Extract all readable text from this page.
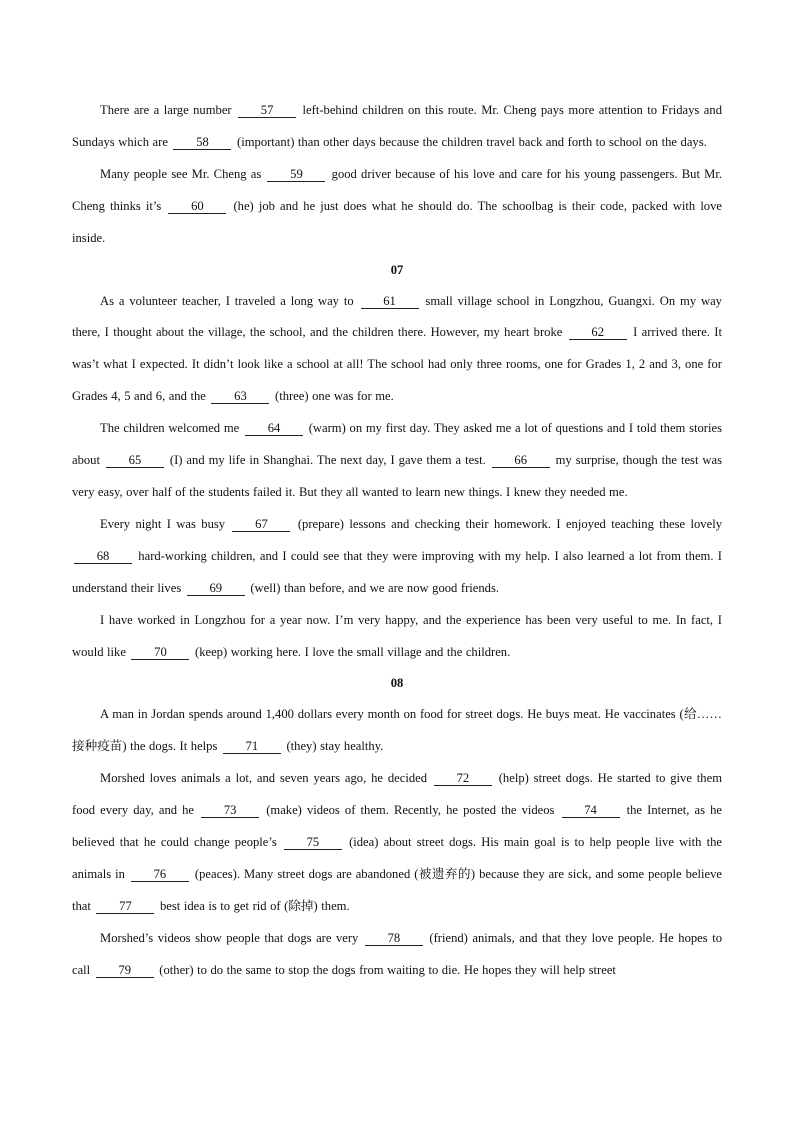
There are a large number 57 left-behind children on this route. Mr. Cheng pays more attention to Fridays and Sundays which are 58 (important) than other days because the children travel back and forth to school on the days.

Many people see Mr. Cheng as 59 good driver because of his love and care for his young passengers. But Mr. Cheng thinks it’s 60 (he) job and he just does what he should do. The schoolbag is their code, packed with love inside.

07

As a volunteer teacher, I traveled a long way to 61 small village school in Longzhou, Guangxi. On my way there, I thought about the village, the school, and the children there. However, my heart broke 62 I arrived there. It was’t what I expected. It didn’t look like a school at all! The school had only three rooms, one for Grades 1, 2 and 3, one for Grades 4, 5 and 6, and the 63 (three) one was for me.

The children welcomed me 64 (warm) on my first day. They asked me a lot of questions and I told them stories about 65 (I) and my life in Shanghai. The next day, I gave them a test. 66 my surprise, though the test was very easy, over half of the students failed it. But they all wanted to learn new things. I knew they needed me.

Every night I was busy 67 (prepare) lessons and checking their homework. I enjoyed teaching these lovely 68 hard-working children, and I could see that they were improving with my help. I also learned a lot from them. I understand their lives 69 (well) than before, and we are now good friends.

I have worked in Longzhou for a year now. I’m very happy, and the experience has been very useful to me. In fact, I would like 70 (keep) working here. I love the small village and the children.

08

A man in Jordan spends around 1,400 dollars every month on food for street dogs. He buys meat. He vaccinates (给……接种疫苗) the dogs. It helps 71 (they) stay healthy.

Morshed loves animals a lot, and seven years ago, he decided 72 (help) street dogs. He started to give them food every day, and he 73 (make) videos of them. Recently, he posted the videos 74 the Internet, as he believed that he could change people’s 75 (idea) about street dogs. His main goal is to help people live with the animals in 76 (peaces). Many street dogs are abandoned (被遗弃的) because they are sick, and some people believe that 77 best idea is to get rid of (除掉) them.

Morshed’s videos show people that dogs are very 78 (friend) animals, and that they love people. He hopes to call 79 (other) to do the same to stop the dogs from waiting to die. He hopes they will help street
